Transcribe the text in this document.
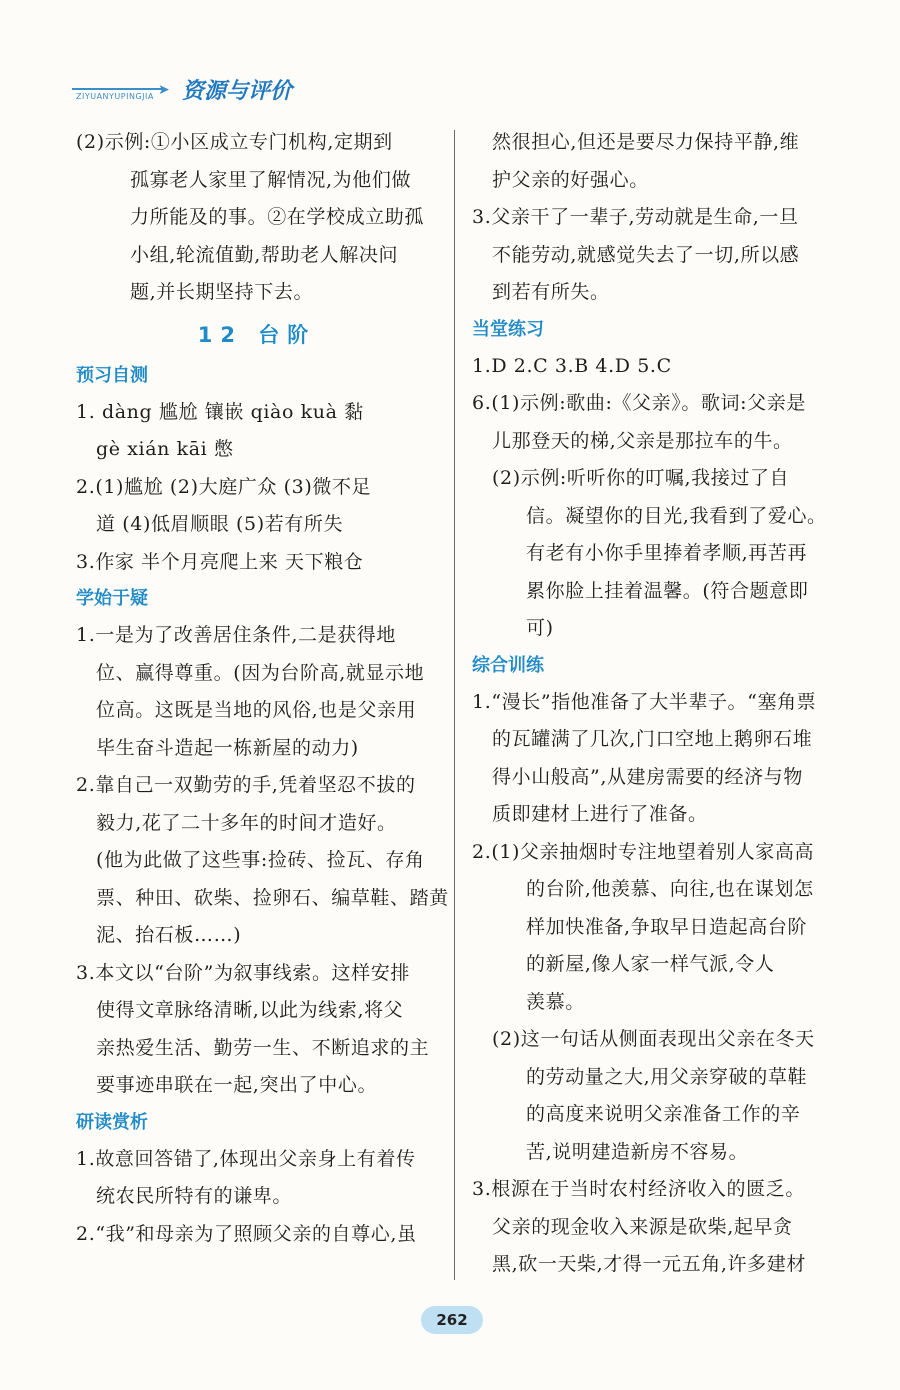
➤
ZIYUANYUPINGJIA 资源与评价
(2)示例:①小区成立专门机构,定期到
孤寡老人家里了解情况,为他们做
力所能及的事。②在学校成立助孤
小组,轮流值勤,帮助老人解决问
题,并长期坚持下去。
12 台阶
预习自测
1. dàng 尴尬 镶嵌 qiào kuà 黏
gè xián kāi 憋
2.(1)尴尬 (2)大庭广众 (3)微不足
道 (4)低眉顺眼 (5)若有所失
3.作家 半个月亮爬上来 天下粮仓
学始于疑
1.一是为了改善居住条件,二是获得地
位、赢得尊重。(因为台阶高,就显示地
位高。这既是当地的风俗,也是父亲用
毕生奋斗造起一栋新屋的动力)
2.靠自己一双勤劳的手,凭着坚忍不拔的
毅力,花了二十多年的时间才造好。
(他为此做了这些事:捡砖、捡瓦、存角
票、种田、砍柴、捡卵石、编草鞋、踏黄
泥、抬石板……)
3.本文以“台阶”为叙事线索。这样安排
使得文章脉络清晰,以此为线索,将父
亲热爱生活、勤劳一生、不断追求的主
要事迹串联在一起,突出了中心。
研读赏析
1.故意回答错了,体现出父亲身上有着传
统农民所特有的谦卑。
2.“我”和母亲为了照顾父亲的自尊心,虽
然很担心,但还是要尽力保持平静,维
护父亲的好强心。
3.父亲干了一辈子,劳动就是生命,一旦
不能劳动,就感觉失去了一切,所以感
到若有所失。
当堂练习
1.D 2.C 3.B 4.D 5.C
6.(1)示例:歌曲:《父亲》。歌词:父亲是
儿那登天的梯,父亲是那拉车的牛。
(2)示例:听听你的叮嘱,我接过了自
信。凝望你的目光,我看到了爱心。
有老有小你手里捧着孝顺,再苦再
累你脸上挂着温馨。(符合题意即
可)
综合训练
1.“漫长”指他准备了大半辈子。“塞角票
的瓦罐满了几次,门口空地上鹅卵石堆
得小山般高”,从建房需要的经济与物
质即建材上进行了准备。
2.(1)父亲抽烟时专注地望着别人家高高
的台阶,他羡慕、向往,也在谋划怎
样加快准备,争取早日造起高台阶
的新屋,像人家一样气派,令人
羡慕。
(2)这一句话从侧面表现出父亲在冬天
的劳动量之大,用父亲穿破的草鞋
的高度来说明父亲准备工作的辛
苦,说明建造新房不容易。
3.根源在于当时农村经济收入的匮乏。
父亲的现金收入来源是砍柴,起早贪
黑,砍一天柴,才得一元五角,许多建材
262
